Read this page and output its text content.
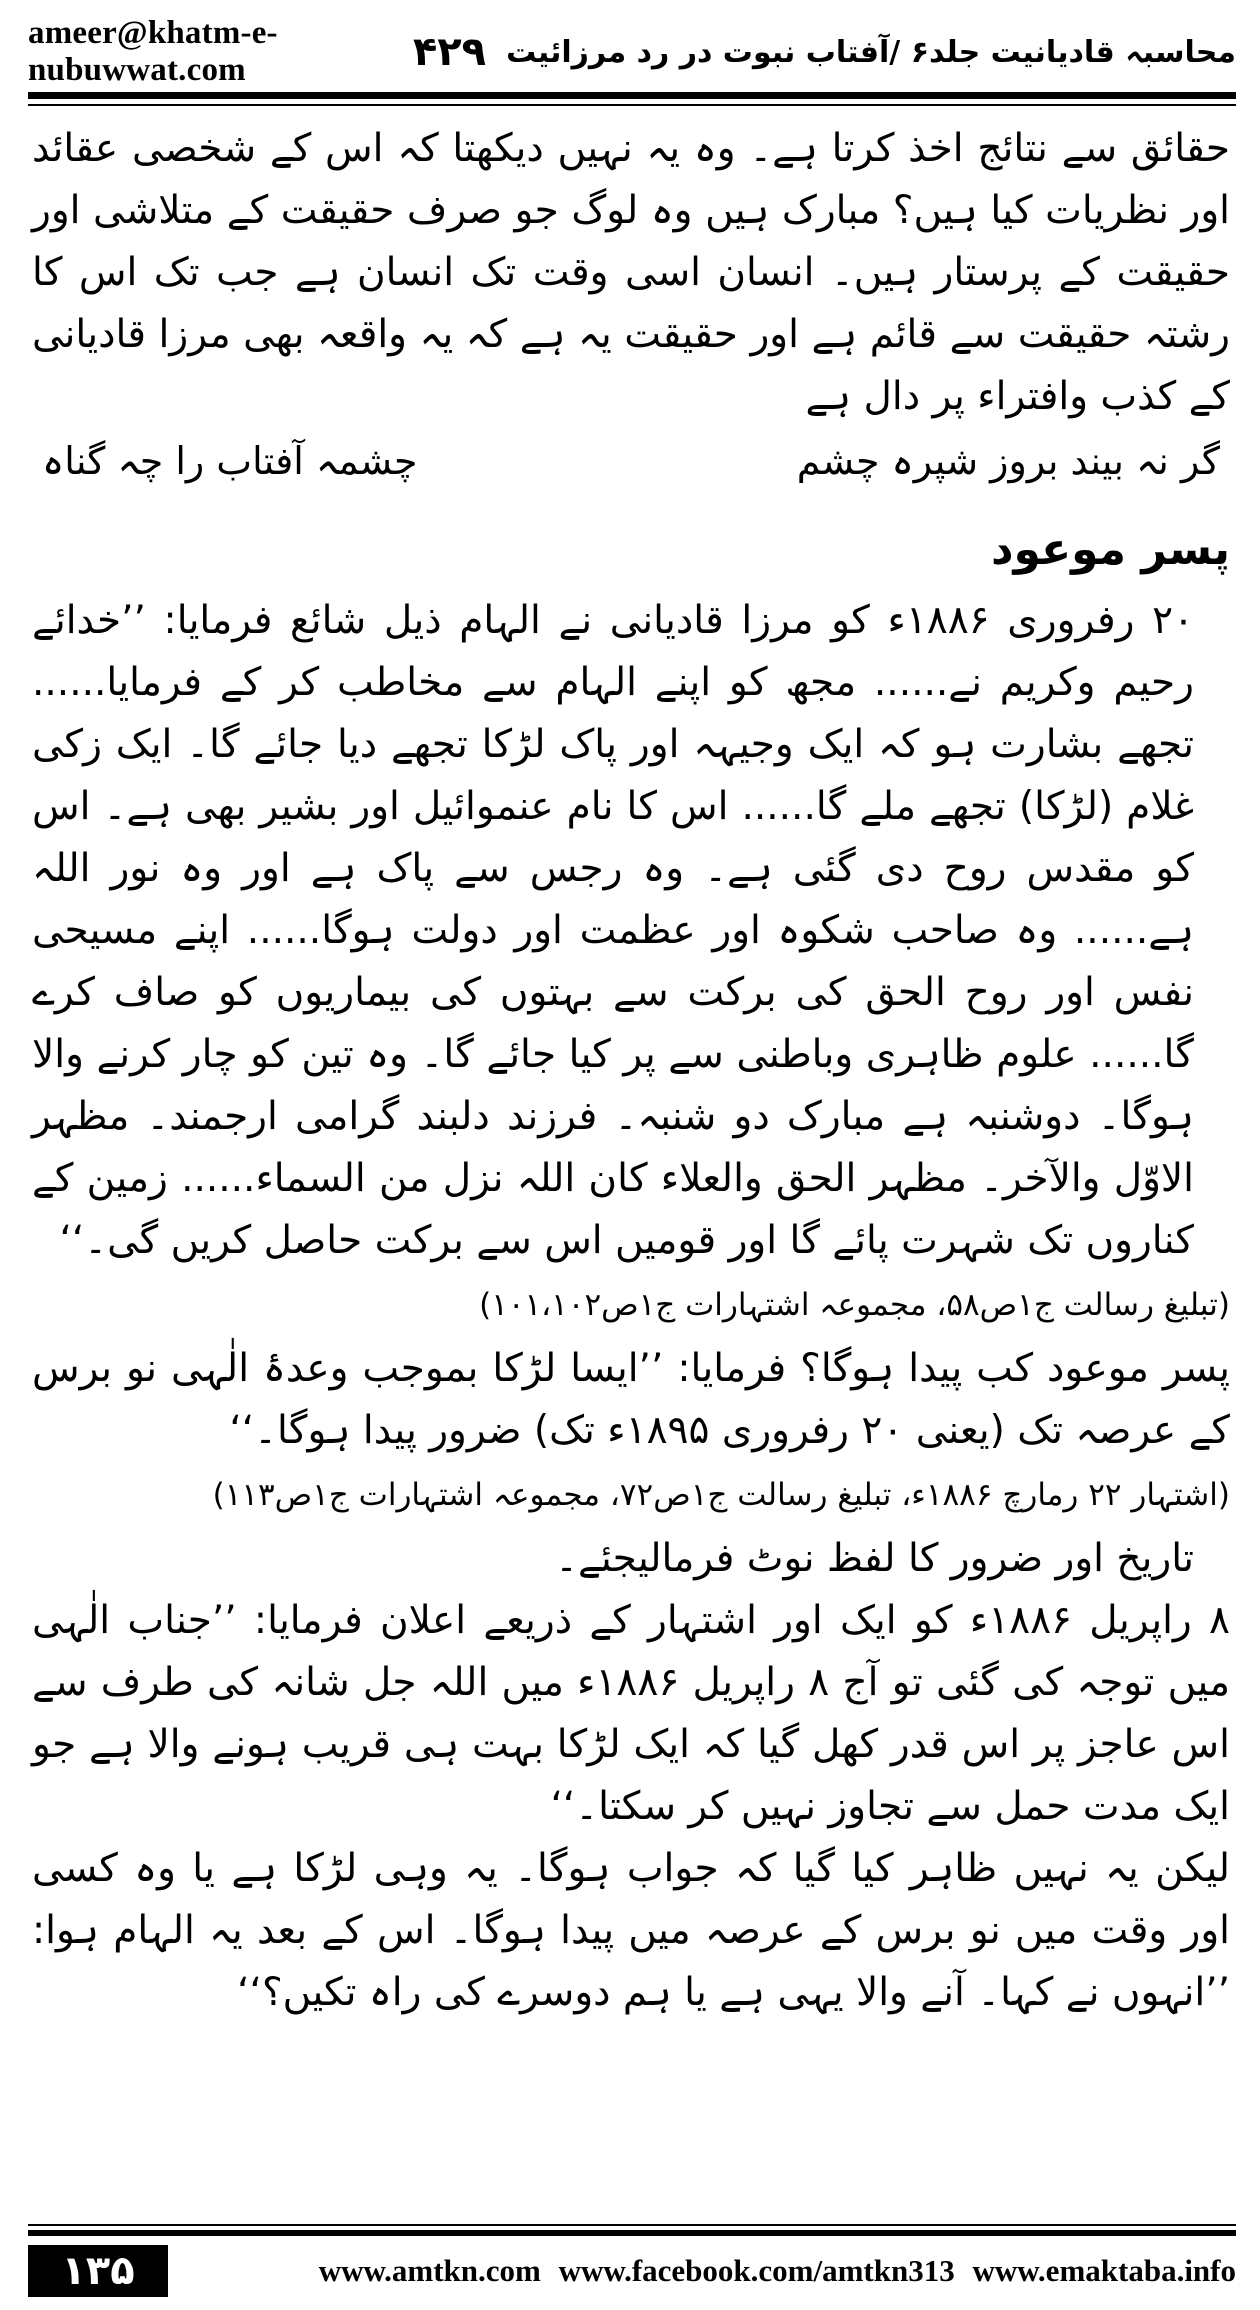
ameer@khatm-e-nubuwwat.com	محاسبہ قادیانیت جلد۶ /آفتاب نبوت در رد مرزائیت
۴۲۹

حقائق سے نتائج اخذ کرتا ہے۔ وہ یہ نہیں دیکھتا کہ اس کے شخصی عقائد اور نظریات کیا ہیں؟ مبارک ہیں وہ لوگ جو صرف حقیقت کے متلاشی اور حقیقت کے پرستار ہیں۔ انسان اسی وقت تک انسان ہے جب تک اس کا رشتہ حقیقت سے قائم ہے اور حقیقت یہ ہے کہ یہ واقعہ بھی مرزا قادیانی کے کذب وافتراء پر دال ہے

گر نہ بیند بروز شپرہ چشم
چشمہ آفتاب را چہ گناہ
پسر موعود

۲۰ رفروری ۱۸۸۶ء کو مرزا قادیانی نے الہام ذیل شائع فرمایا: ’’خدائے رحیم وکریم نے...... مجھ کو اپنے الہام سے مخاطب کر کے فرمایا...... تجھے بشارت ہو کہ ایک وجیہہ اور پاک لڑکا تجھے دیا جائے گا۔ ایک زکی غلام (لڑکا) تجھے ملے گا...... اس کا نام عنموائیل اور بشیر بھی ہے۔ اس کو مقدس روح دی گئی ہے۔ وہ رجس سے پاک ہے اور وہ نور اللہ ہے...... وہ صاحب شکوہ اور عظمت اور دولت ہوگا...... اپنے مسیحی نفس اور روح الحق کی برکت سے بہتوں کی بیماریوں کو صاف کرے گا...... علوم ظاہری وباطنی سے پر کیا جائے گا۔ وہ تین کو چار کرنے والا ہوگا۔ دوشنبہ ہے مبارک دو شنبہ۔ فرزند دلبند گرامی ارجمند۔ مظہر الاوّل والآخر۔ مظہر الحق والعلاء کان اللہ نزل من السماء...... زمین کے کناروں تک شہرت پائے گا اور قومیں اس سے برکت حاصل کریں گی۔‘‘

(تبلیغ رسالت ج۱ص۵۸، مجموعہ اشتہارات ج۱ص۱۰۱،۱۰۲)

پسر موعود کب پیدا ہوگا؟ فرمایا: ’’ایسا لڑکا بموجب وعدۂ الٰہی نو برس کے عرصہ تک (یعنی ۲۰ رفروری ۱۸۹۵ء تک) ضرور پیدا ہوگا۔‘‘

(اشتہار ۲۲ رمارچ ۱۸۸۶ء، تبلیغ رسالت ج۱ص۷۲، مجموعہ اشتہارات ج۱ص۱۱۳)

تاریخ اور ضرور کا لفظ نوٹ فرمالیجئے۔

۸ راپریل ۱۸۸۶ء کو ایک اور اشتہار کے ذریعے اعلان فرمایا: ’’جناب الٰہی میں توجہ کی گئی تو آج ۸ راپریل ۱۸۸۶ء میں اللہ جل شانہ کی طرف سے اس عاجز پر اس قدر کھل گیا کہ ایک لڑکا بہت ہی قریب ہونے والا ہے جو ایک مدت حمل سے تجاوز نہیں کر سکتا۔‘‘

لیکن یہ نہیں ظاہر کیا گیا کہ جواب ہوگا۔ یہ وہی لڑکا ہے یا وہ کسی اور وقت میں نو برس کے عرصہ میں پیدا ہوگا۔ اس کے بعد یہ الہام ہوا: ’’انہوں نے کہا۔ آنے والا یہی ہے یا ہم دوسرے کی راہ تکیں؟‘‘

۱۳۵	www.amtkn.com www.facebook.com/amtkn313 www.emaktaba.info
